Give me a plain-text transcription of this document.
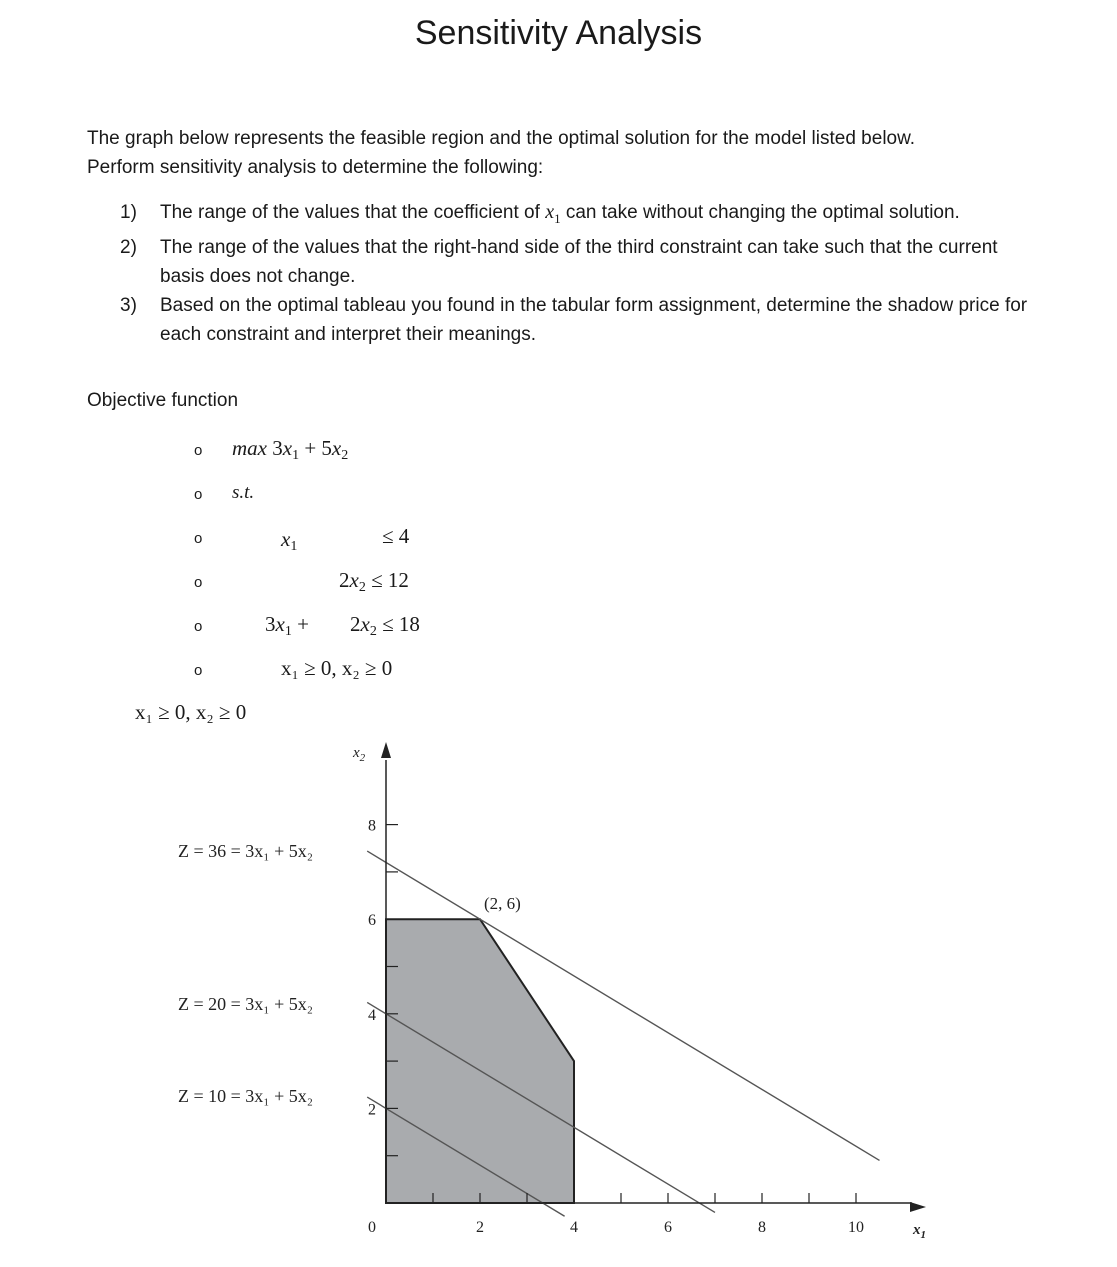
Sensitivity Analysis
The graph below represents the feasible region and the optimal solution for the model listed below.
Perform sensitivity analysis to determine the following:
1) The range of the values that the coefficient of $x_1$ can take without changing the optimal solution.
2) The range of the values that the right-hand side of the third constraint can take such that the current basis does not change.
3) Based on the optimal tableau you found in the tabular form assignment, determine the shadow price for each constraint and interpret their meanings.
Objective function
o
o
o
o
o
o
$\max 3x_1 + 5x_2$
s.t.
$x_1$	≤ 4
$2x_2 \le 12$
$3x_1 + 2x_2 \le 18$
x₁ ≥ 0, x₂ ≥ 0
x₁ ≥ 0, x₂ ≥ 0
0	2	4	6	8	10
2
4
6
8
$x_2$
$x_1$
(2, 6)
Z = 36 = 3x₁ + 5x₂
Z = 20 = 3x₁ + 5x₂
Z = 10 = 3x₁ + 5x₂
